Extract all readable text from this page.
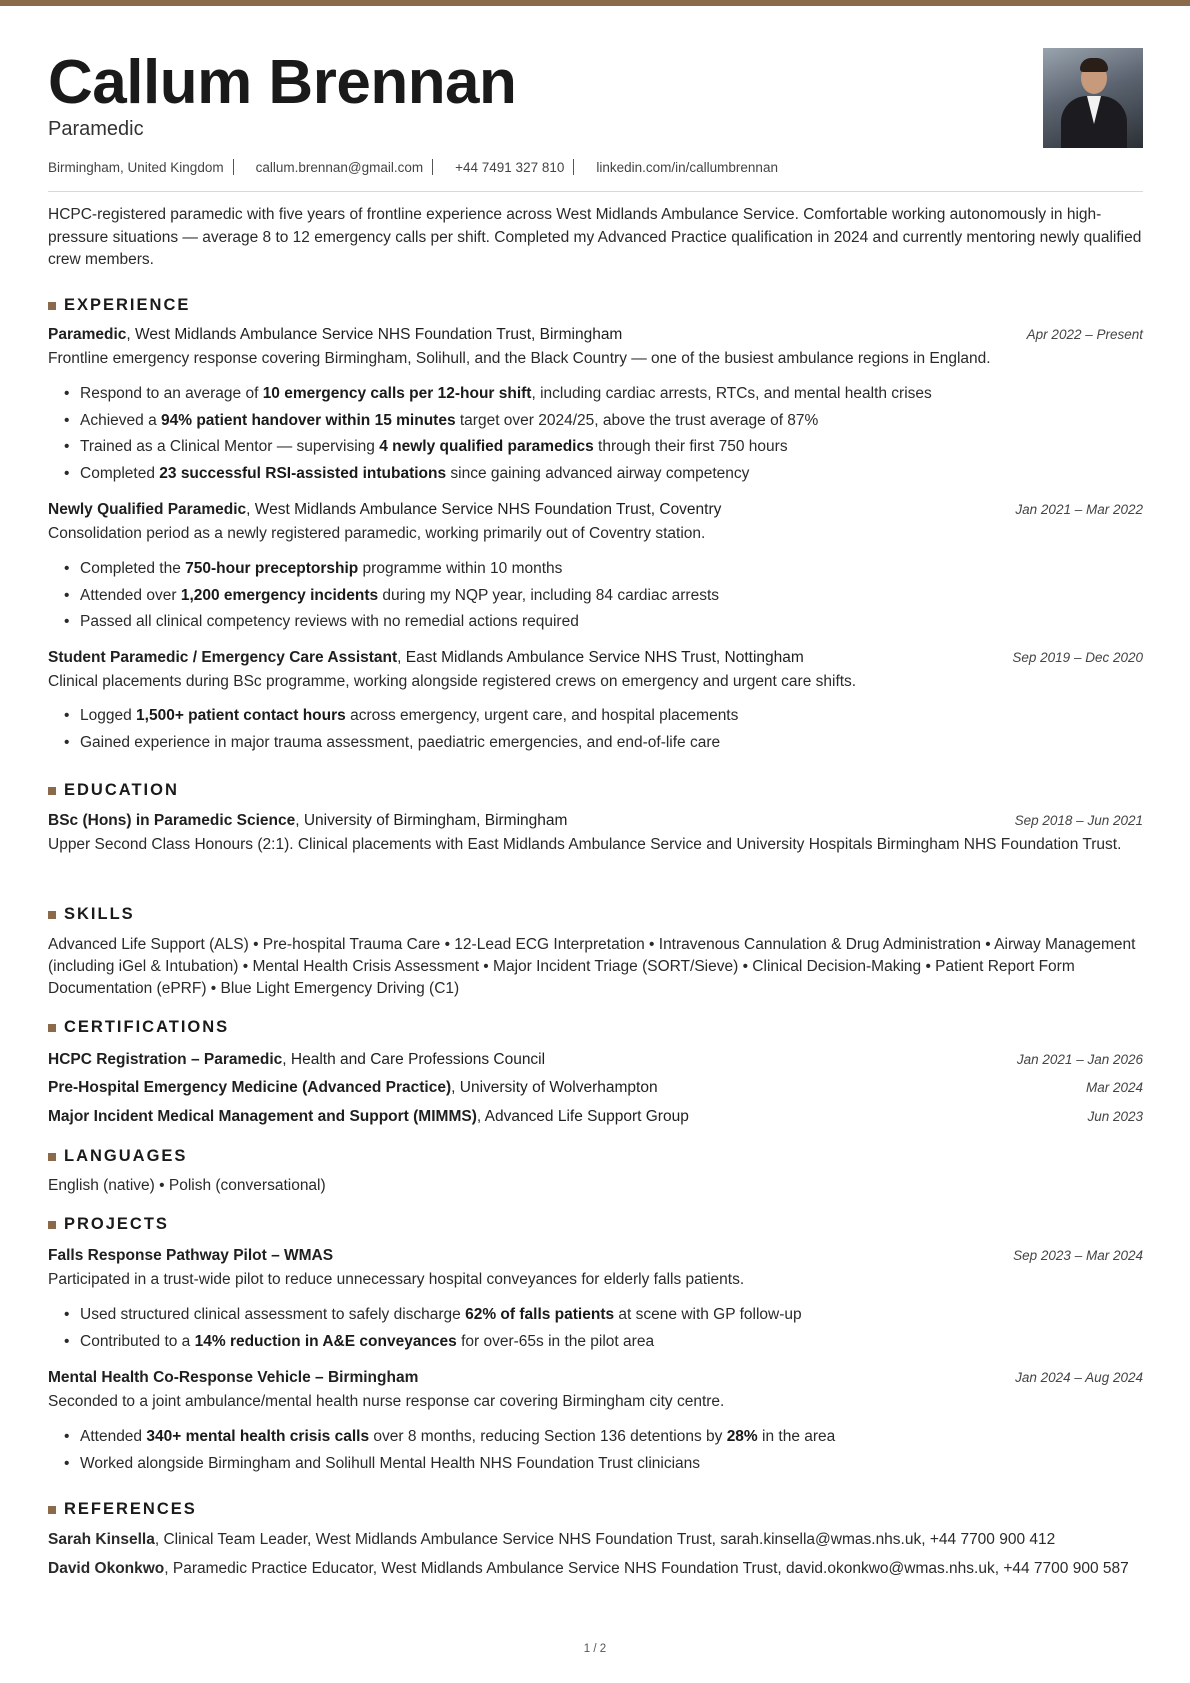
Callum Brennan
Paramedic
Birmingham, United Kingdom callum.brennan@gmail.com +44 7491 327 810 linkedin.com/in/callumbrennan
HCPC-registered paramedic with five years of frontline experience across West Midlands Ambulance Service. Comfortable working autonomously in high-pressure situations — average 8 to 12 emergency calls per shift. Completed my Advanced Practice qualification in 2024 and currently mentoring newly qualified crew members.
EXPERIENCE
Paramedic, West Midlands Ambulance Service NHS Foundation Trust, Birmingham	Apr 2022 – Present
Frontline emergency response covering Birmingham, Solihull, and the Black Country — one of the busiest ambulance regions in England.
• Respond to an average of 10 emergency calls per 12-hour shift, including cardiac arrests, RTCs, and mental health crises
• Achieved a 94% patient handover within 15 minutes target over 2024/25, above the trust average of 87%
• Trained as a Clinical Mentor — supervising 4 newly qualified paramedics through their first 750 hours
• Completed 23 successful RSI-assisted intubations since gaining advanced airway competency
Newly Qualified Paramedic, West Midlands Ambulance Service NHS Foundation Trust, Coventry	Jan 2021 – Mar 2022
Consolidation period as a newly registered paramedic, working primarily out of Coventry station.
• Completed the 750-hour preceptorship programme within 10 months
• Attended over 1,200 emergency incidents during my NQP year, including 84 cardiac arrests
• Passed all clinical competency reviews with no remedial actions required
Student Paramedic / Emergency Care Assistant, East Midlands Ambulance Service NHS Trust, Nottingham	Sep 2019 – Dec 2020
Clinical placements during BSc programme, working alongside registered crews on emergency and urgent care shifts.
• Logged 1,500+ patient contact hours across emergency, urgent care, and hospital placements
• Gained experience in major trauma assessment, paediatric emergencies, and end-of-life care
EDUCATION
BSc (Hons) in Paramedic Science, University of Birmingham, Birmingham	Sep 2018 – Jun 2021
Upper Second Class Honours (2:1). Clinical placements with East Midlands Ambulance Service and University Hospitals Birmingham NHS Foundation Trust.
SKILLS
Advanced Life Support (ALS) • Pre-hospital Trauma Care • 12-Lead ECG Interpretation • Intravenous Cannulation & Drug Administration • Airway Management (including iGel & Intubation) • Mental Health Crisis Assessment • Major Incident Triage (SORT/Sieve) • Clinical Decision-Making • Patient Report Form Documentation (ePRF) • Blue Light Emergency Driving (C1)
CERTIFICATIONS
HCPC Registration – Paramedic, Health and Care Professions Council	Jan 2021 – Jan 2026
Pre-Hospital Emergency Medicine (Advanced Practice), University of Wolverhampton	Mar 2024
Major Incident Medical Management and Support (MIMMS), Advanced Life Support Group	Jun 2023
LANGUAGES
English (native) • Polish (conversational)
PROJECTS
Falls Response Pathway Pilot – WMAS	Sep 2023 – Mar 2024
Participated in a trust-wide pilot to reduce unnecessary hospital conveyances for elderly falls patients.
• Used structured clinical assessment to safely discharge 62% of falls patients at scene with GP follow-up
• Contributed to a 14% reduction in A&E conveyances for over-65s in the pilot area
Mental Health Co-Response Vehicle – Birmingham	Jan 2024 – Aug 2024
Seconded to a joint ambulance/mental health nurse response car covering Birmingham city centre.
• Attended 340+ mental health crisis calls over 8 months, reducing Section 136 detentions by 28% in the area
• Worked alongside Birmingham and Solihull Mental Health NHS Foundation Trust clinicians
REFERENCES
Sarah Kinsella, Clinical Team Leader, West Midlands Ambulance Service NHS Foundation Trust, sarah.kinsella@wmas.nhs.uk, +44 7700 900 412
David Okonkwo, Paramedic Practice Educator, West Midlands Ambulance Service NHS Foundation Trust, david.okonkwo@wmas.nhs.uk, +44 7700 900 587
1 / 2
